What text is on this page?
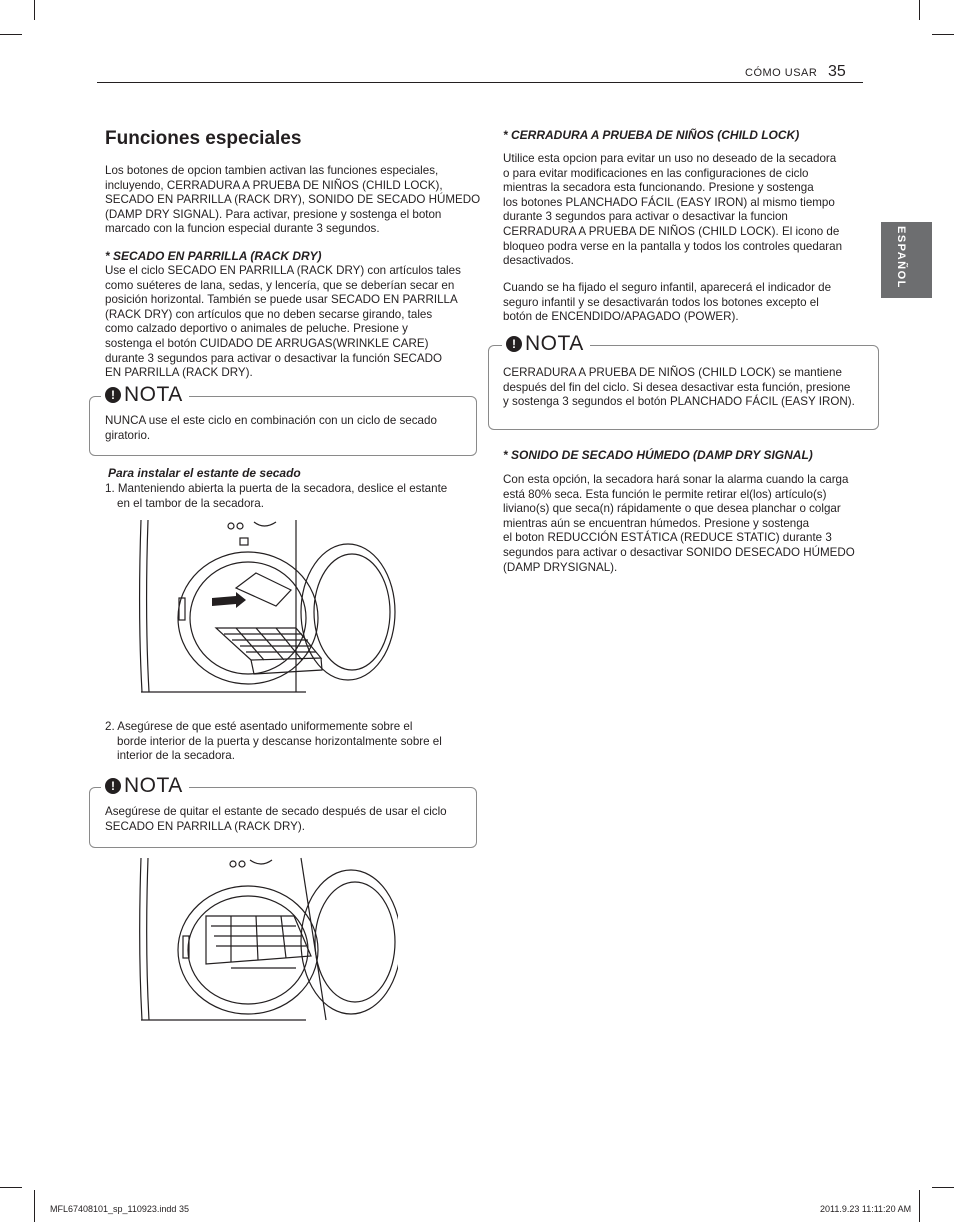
CÓMO USAR 35
ESPAÑOL
Funciones especiales
Los botones de opcion tambien activan las funciones especiales,
incluyendo, CERRADURA A PRUEBA DE NIÑOS (CHILD LOCK),
SECADO EN PARRILLA (RACK DRY), SONIDO DE SECADO HÚMEDO
(DAMP DRY SIGNAL). Para activar, presione y sostenga el boton
marcado con la funcion especial durante 3 segundos.
* SECADO EN PARRILLA (RACK DRY)
Use el ciclo SECADO EN PARRILLA (RACK DRY) con artículos tales
como suéteres de lana, sedas, y lencería, que se deberían secar en
posición horizontal. También se puede usar SECADO EN PARRILLA
(RACK DRY) con artículos que no deben secarse girando, tales
como calzado deportivo o animales de peluche. Presione y
sostenga el botón CUIDADO DE ARRUGAS(WRINKLE CARE)
durante 3 segundos para activar o desactivar la función SECADO
EN PARRILLA (RACK DRY).
! NOTA
NUNCA use el este ciclo en combinación con un ciclo de secado
giratorio.
Para instalar el estante de secado
1. Manteniendo abierta la puerta de la secadora, deslice el estante
en el tambor de la secadora.
2. Asegúrese de que esté asentado uniformemente sobre el
borde interior de la puerta y descanse horizontalmente sobre el
interior de la secadora.
! NOTA
Asegúrese de quitar el estante de secado después de usar el ciclo
SECADO EN PARRILLA (RACK DRY).
* CERRADURA A PRUEBA DE NIÑOS (CHILD LOCK)
Utilice esta opcion para evitar un uso no deseado de la secadora
o para evitar modificaciones en las configuraciones de ciclo
mientras la secadora esta funcionando. Presione y sostenga
los botones PLANCHADO FÁCIL (EASY IRON) al mismo tiempo
durante 3 segundos para activar o desactivar la funcion
CERRADURA A PRUEBA DE NIÑOS (CHILD LOCK). El icono de
bloqueo podra verse en la pantalla y todos los controles quedaran
desactivados.
Cuando se ha fijado el seguro infantil, aparecerá el indicador de
seguro infantil y se desactivarán todos los botones excepto el
botón de ENCENDIDO/APAGADO (POWER).
! NOTA
CERRADURA A PRUEBA DE NIÑOS (CHILD LOCK) se mantiene
después del fin del ciclo. Si desea desactivar esta función, presione
y sostenga 3 segundos el botón PLANCHADO FÁCIL (EASY IRON).
* SONIDO DE SECADO HÚMEDO (DAMP DRY SIGNAL)
Con esta opción, la secadora hará sonar la alarma cuando la carga
está 80% seca. Esta función le permite retirar el(los) artículo(s)
liviano(s) que seca(n) rápidamente o que desea planchar o colgar
mientras aún se encuentran húmedos. Presione y sostenga
el boton REDUCCIÓN ESTÁTICA (REDUCE STATIC) durante 3
segundos para activar o desactivar SONIDO DESECADO HÚMEDO
(DAMP DRYSIGNAL).
MFL67408101_sp_110923.indd 35	2011.9.23 11:11:20 AM
